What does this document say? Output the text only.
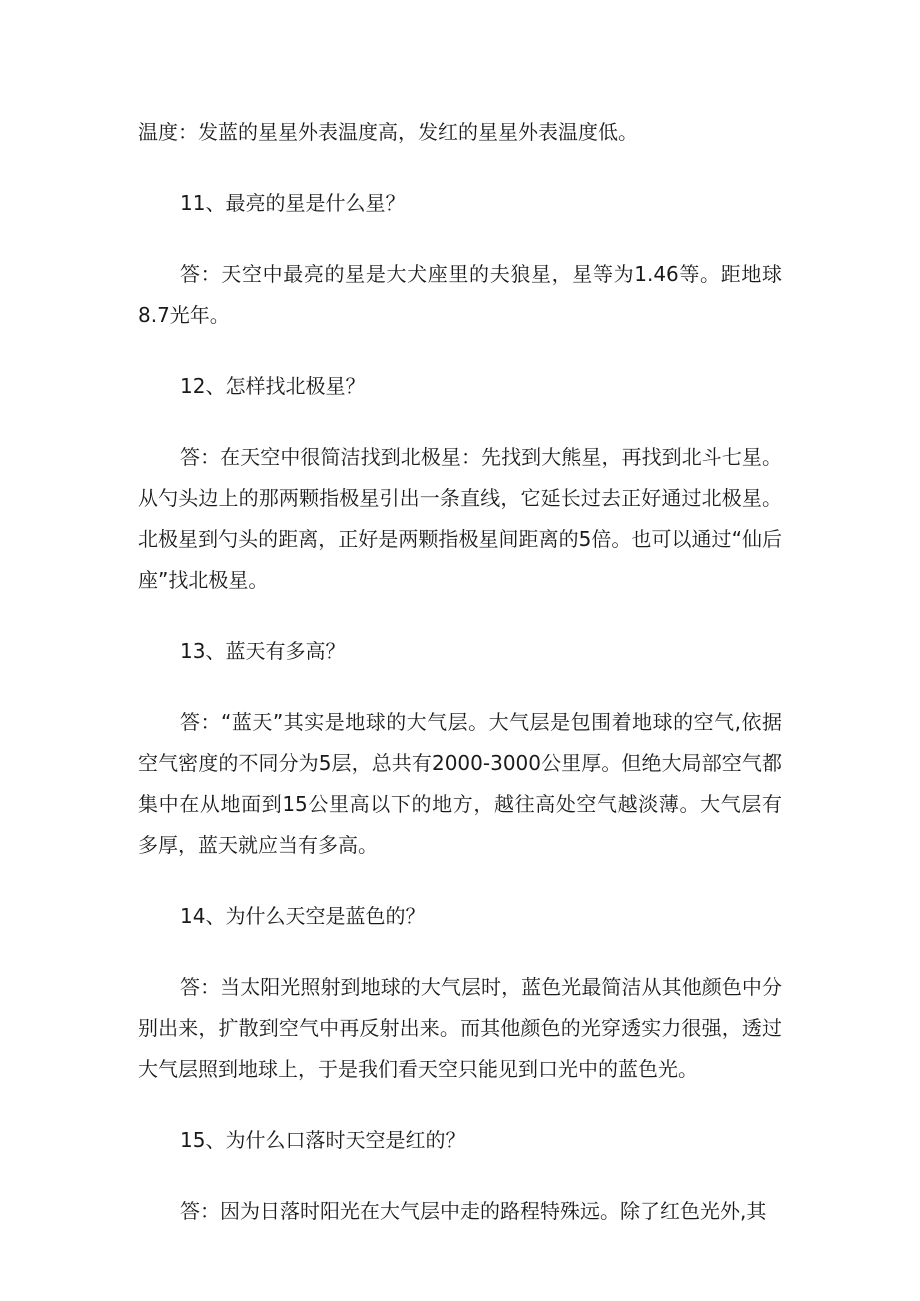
温度：发蓝的星星外表温度高，发红的星星外表温度低。

11、最亮的星是什么星？

答：天空中最亮的星是大犬座里的夫狼星，星等为1.46等。距地球8.7光年。

12、怎样找北极星？

答：在天空中很简洁找到北极星：先找到大熊星，再找到北斗七星。从勺头边上的那两颗指极星引出一条直线，它延长过去正好通过北极星。北极星到勺头的距离，正好是两颗指极星间距离的5倍。也可以通过“仙后座”找北极星。

13、蓝天有多高？

答：“蓝天”其实是地球的大气层。大气层是包围着地球的空气,依据空气密度的不同分为5层，总共有2000-3000公里厚。但绝大局部空气都集中在从地面到15公里高以下的地方，越往高处空气越淡薄。大气层有多厚，蓝天就应当有多高。

14、为什么天空是蓝色的？

答：当太阳光照射到地球的大气层时，蓝色光最简洁从其他颜色中分别出来，扩散到空气中再反射出来。而其他颜色的光穿透实力很强，透过大气层照到地球上，于是我们看天空只能见到口光中的蓝色光。

15、为什么口落时天空是红的？

答：因为日落时阳光在大气层中走的路程特殊远。除了红色光外,其
